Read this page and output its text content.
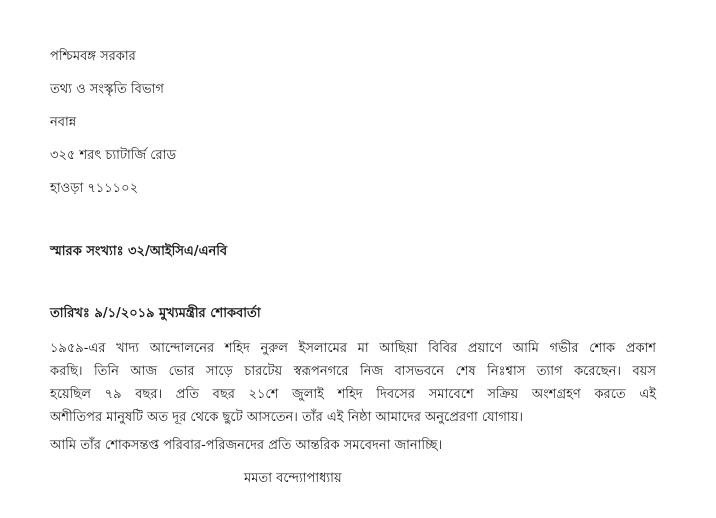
পশ্চিমবঙ্গ সরকার
তথ্য ও সংস্কৃতি বিভাগ
নবান্ন
৩২৫ শরৎ চ্যাটার্জি রোড
হাওড়া ৭১১১০২
স্মারক সংখ্যাঃ ৩২/আইসিএ/এনবি
তারিখঃ ৯/১/২০১৯ মুখ্যমন্ত্রীর শোকবার্তা
১৯৫৯-এর খাদ্য আন্দোলনের শহিদ নুরুল ইসলামের মা আছিয়া বিবির প্রয়াণে আমি গভীর শোক প্রকাশ
করছি। তিনি আজ ভোর সাড়ে চারটেয় স্বরূপনগরে নিজ বাসভবনে শেষ নিঃশ্বাস ত্যাগ করেছেন। বয়স
হয়েছিল ৭৯ বছর। প্রতি বছর ২১শে জুলাই শহিদ দিবসের সমাবেশে সক্রিয় অংশগ্রহণ করতে এই
অশীতিপর মানুষটি অত দূর থেকে ছুটে আসতেন। তাঁর এই নিষ্ঠা আমাদের অনুপ্রেরণা যোগায়।
আমি তাঁর শোকসন্তপ্ত পরিবার-পরিজনদের প্রতি আন্তরিক সমবেদনা জানাচ্ছি।
মমতা বন্দ্যোপাধ্যায়
